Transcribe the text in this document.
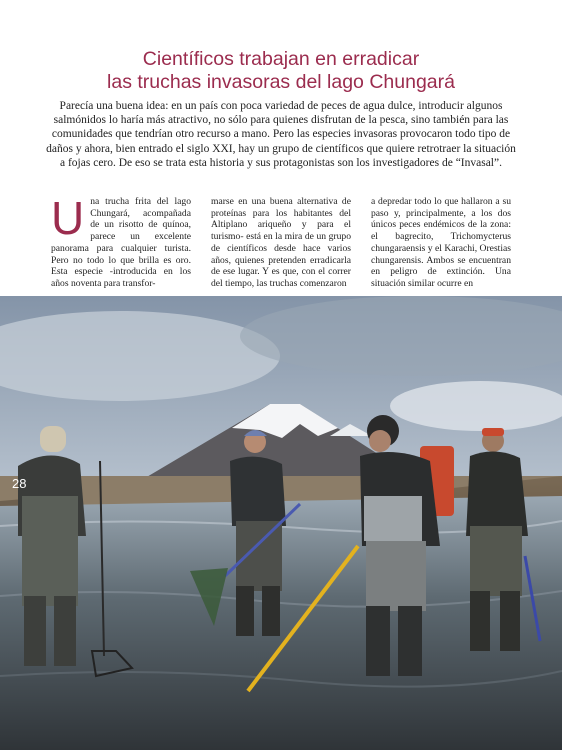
Científicos trabajan en erradicar
las truchas invasoras del lago Chungará

Parecía una buena idea: en un país con poca variedad de peces de agua dulce, introducir algunos salmónidos lo haría más atractivo, no sólo para quienes disfrutan de la pesca, sino también para las comunidades que tendrían otro recurso a mano. Pero las especies invasoras provocaron todo tipo de daños y ahora, bien entrado el siglo XXI, hay un grupo de científicos que quiere retrotraer la situación a fojas cero. De eso se trata esta historia y sus protagonistas son los investigadores de “Invasal”.

Una trucha frita del lago Chungará, acompañada de un risotto de quínoa, parece un excelente panorama para cualquier turista. Pero no todo lo que brilla es oro. Esta especie -introducida en los años noventa para transfor-

marse en una buena alternativa de proteínas para los habitantes del Altiplano ariqueño y para el turismo- está en la mira de un grupo de científicos desde hace varios años, quienes pretenden erradicarla de ese lugar. Y es que, con el correr del tiempo, las truchas comenzaron

a depredar todo lo que hallaron a su paso y, principalmente, a los dos únicos peces endémicos de la zona: el bagrecito, Trichomycterus chungaraensis y el Karachi, Orestias chungarensis. Ambos se encuentran en peligro de extinción. Una situación similar ocurre en

28
